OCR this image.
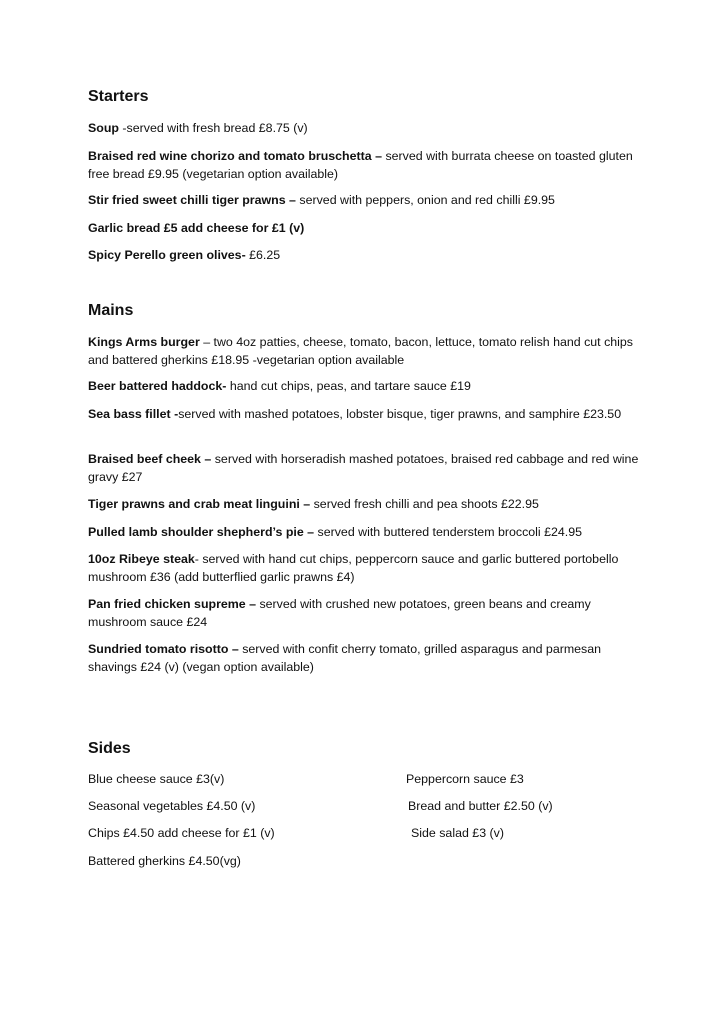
Starters

Soup -served with fresh bread £8.75 (v)

Braised red wine chorizo and tomato bruschetta – served with burrata cheese on toasted gluten free bread £9.95 (vegetarian option available)

Stir fried sweet chilli tiger prawns – served with peppers, onion and red chilli £9.95

Garlic bread £5 add cheese for £1 (v)

Spicy Perello green olives- £6.25

Mains

Kings Arms burger – two 4oz patties, cheese, tomato, bacon, lettuce, tomato relish hand cut chips and battered gherkins £18.95 -vegetarian option available

Beer battered haddock- hand cut chips, peas, and tartare sauce £19

Sea bass fillet -served with mashed potatoes, lobster bisque, tiger prawns, and samphire £23.50

Braised beef cheek – served with horseradish mashed potatoes, braised red cabbage and red wine gravy £27

Tiger prawns and crab meat linguini – served fresh chilli and pea shoots £22.95

Pulled lamb shoulder shepherd’s pie – served with buttered tenderstem broccoli £24.95

10oz Ribeye steak- served with hand cut chips, peppercorn sauce and garlic buttered portobello mushroom £36 (add butterflied garlic prawns £4)

Pan fried chicken supreme – served with crushed new potatoes, green beans and creamy mushroom sauce £24

Sundried tomato risotto – served with confit cherry tomato, grilled asparagus and parmesan shavings £24 (v) (vegan option available)

Sides
Blue cheese sauce £3(v)
Seasonal vegetables £4.50 (v)
Chips £4.50 add cheese for £1 (v)
Battered gherkins £4.50(vg)
Peppercorn sauce £3
Bread and butter £2.50 (v)
Side salad £3 (v)
